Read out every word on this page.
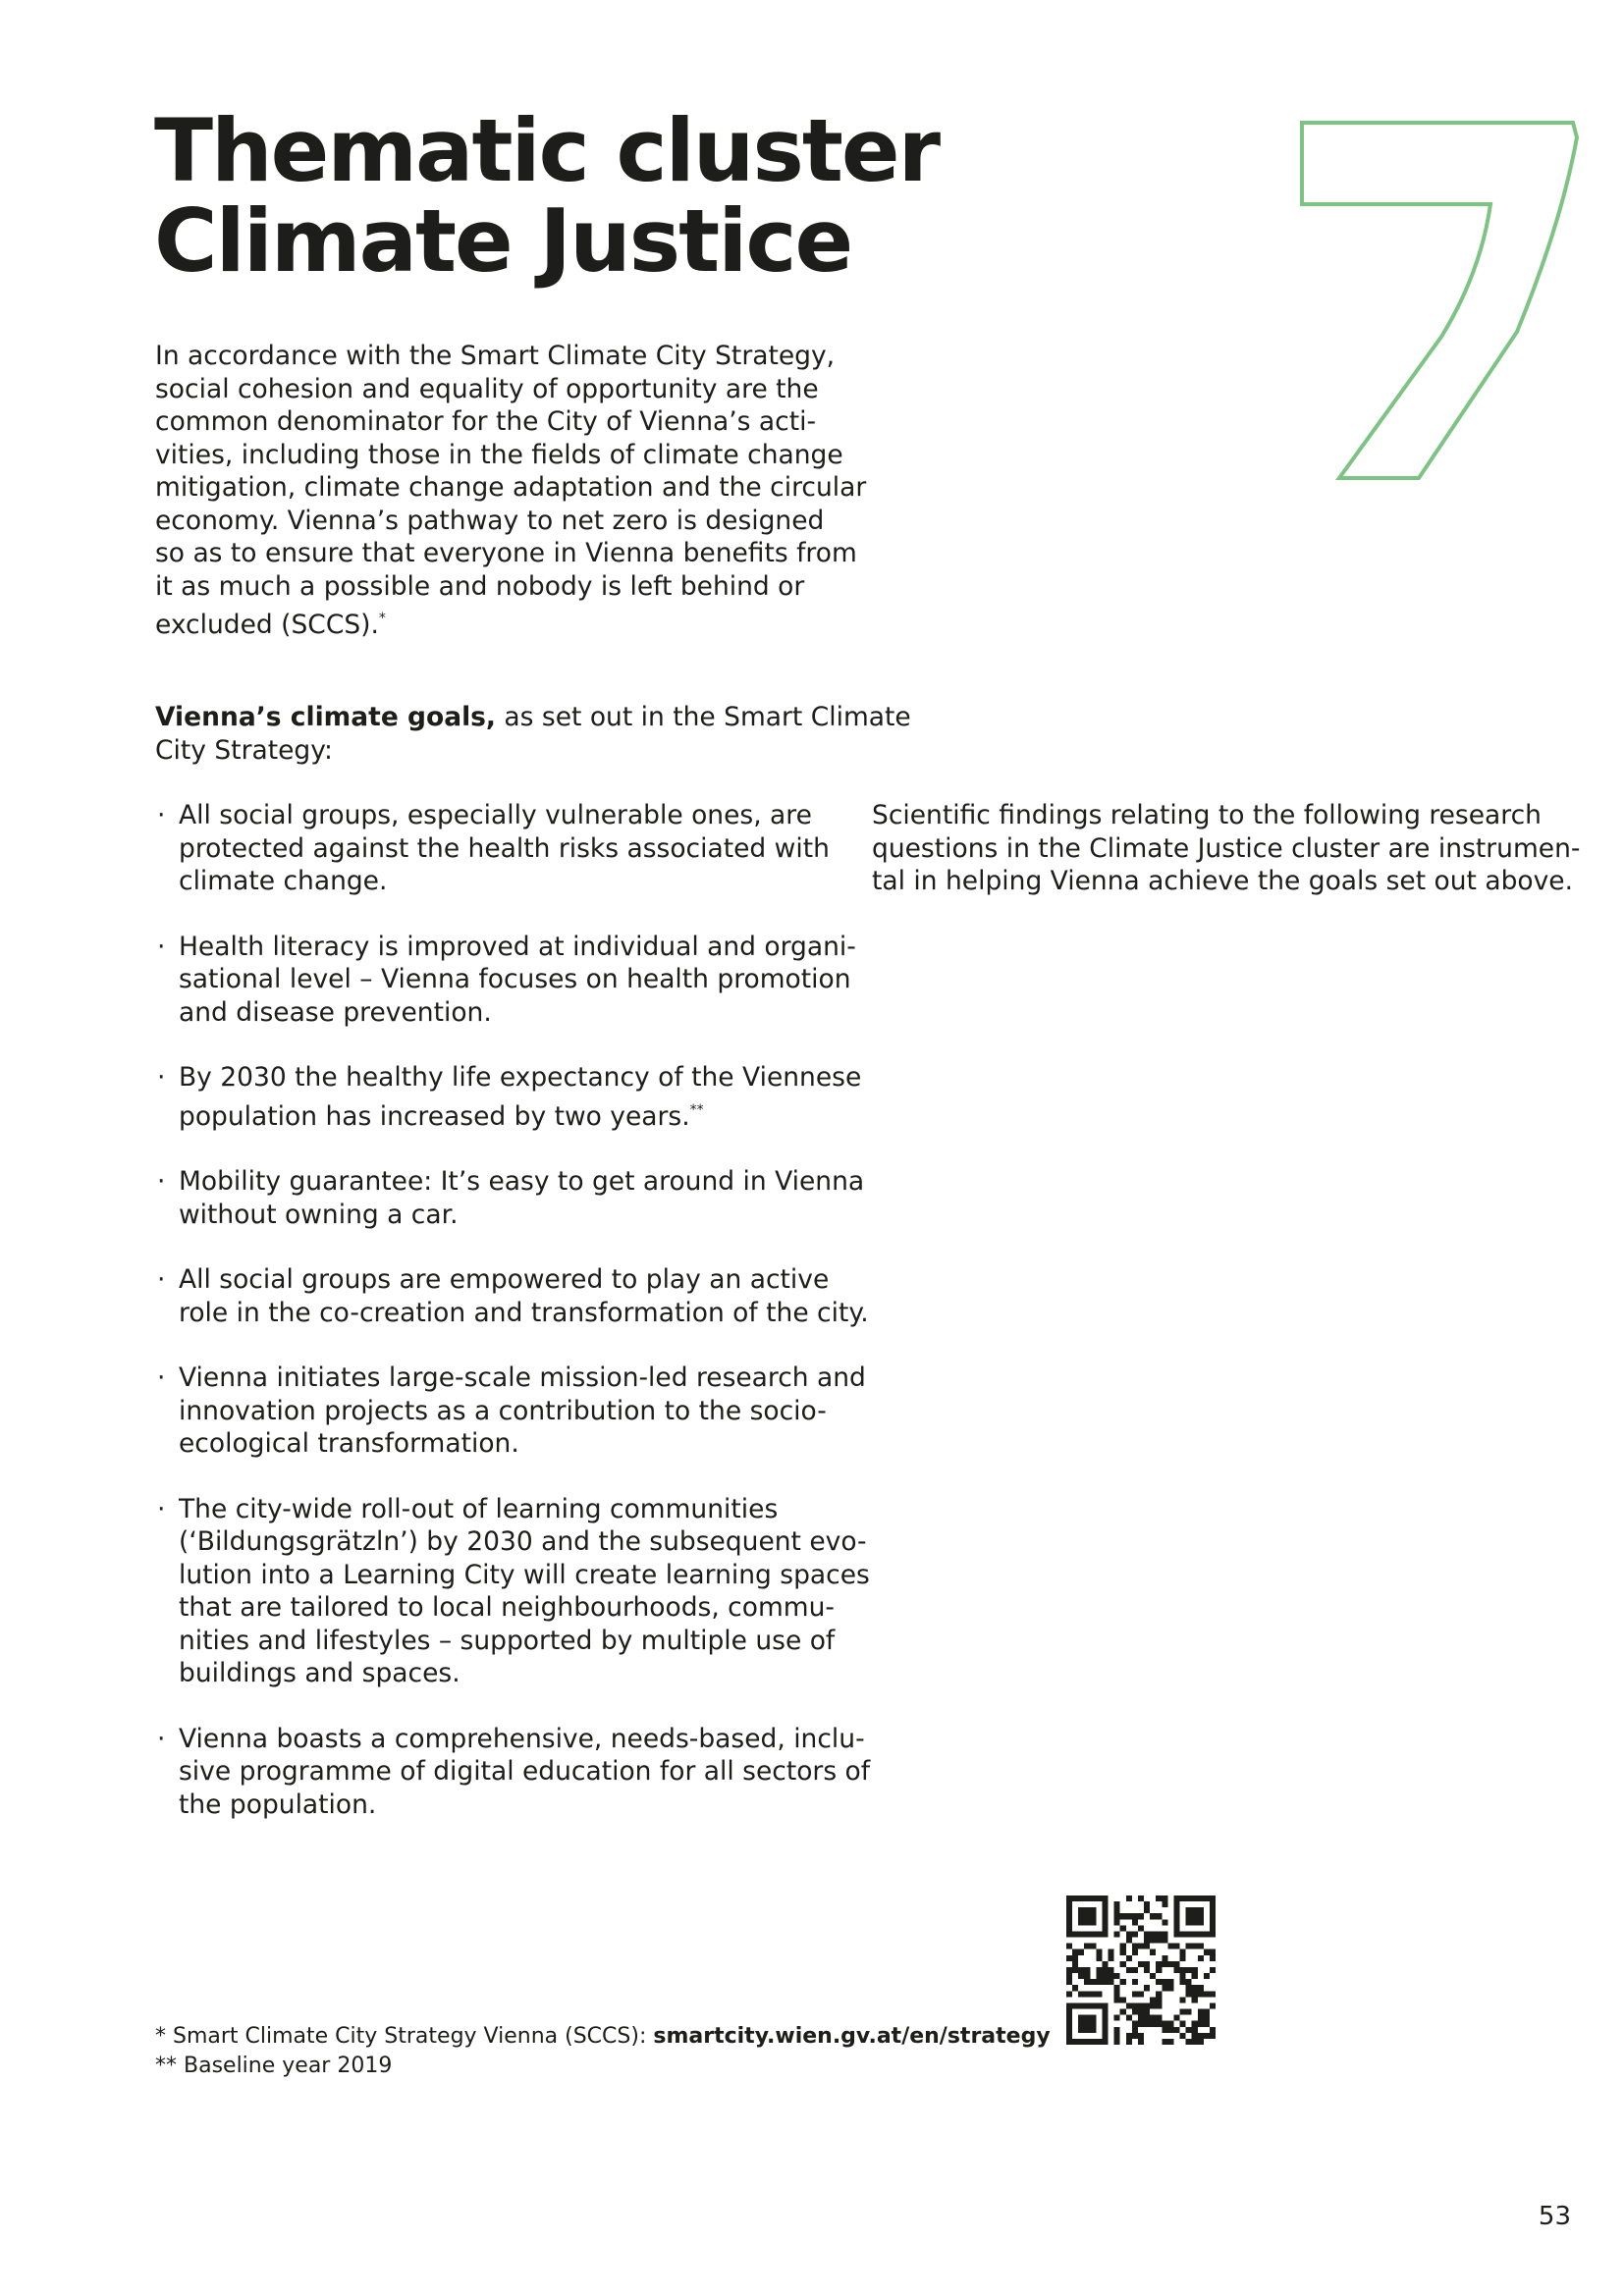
Thematic cluster
Climate Justice
In accordance with the Smart Climate City Strategy,
social cohesion and equality of opportunity are the
common denominator for the City of Vienna’s acti-
vities, including those in the fields of climate change
mitigation, climate change adaptation and the circular
economy. Vienna’s pathway to net zero is designed
so as to ensure that everyone in Vienna benefits from
it as much a possible and nobody is left behind or
excluded (SCCS).*
Vienna’s climate goals, as set out in the Smart Climate
City Strategy:
· All social groups, especially vulnerable ones, are
protected against the health risks associated with
climate change.
· Health literacy is improved at individual and organi-
sational level – Vienna focuses on health promotion
and disease prevention.
· By 2030 the healthy life expectancy of the Viennese
population has increased by two years.**
· Mobility guarantee: It’s easy to get around in Vienna
without owning a car.
· All social groups are empowered to play an active
role in the co-creation and transformation of the city.
· Vienna initiates large-scale mission-led research and
innovation projects as a contribution to the socio-
ecological transformation.
· The city-wide roll-out of learning communities
(‘Bildungsgrätzln’) by 2030 and the subsequent evo-
lution into a Learning City will create learning spaces
that are tailored to local neighbourhoods, commu-
nities and lifestyles – supported by multiple use of
buildings and spaces.
· Vienna boasts a comprehensive, needs-based, inclu-
sive programme of digital education for all sectors of
the population.
Scientific findings relating to the following research
questions in the Climate Justice cluster are instrumen-
tal in helping Vienna achieve the goals set out above.
* Smart Climate City Strategy Vienna (SCCS): smartcity.wien.gv.at/en/strategy
** Baseline year 2019
53
